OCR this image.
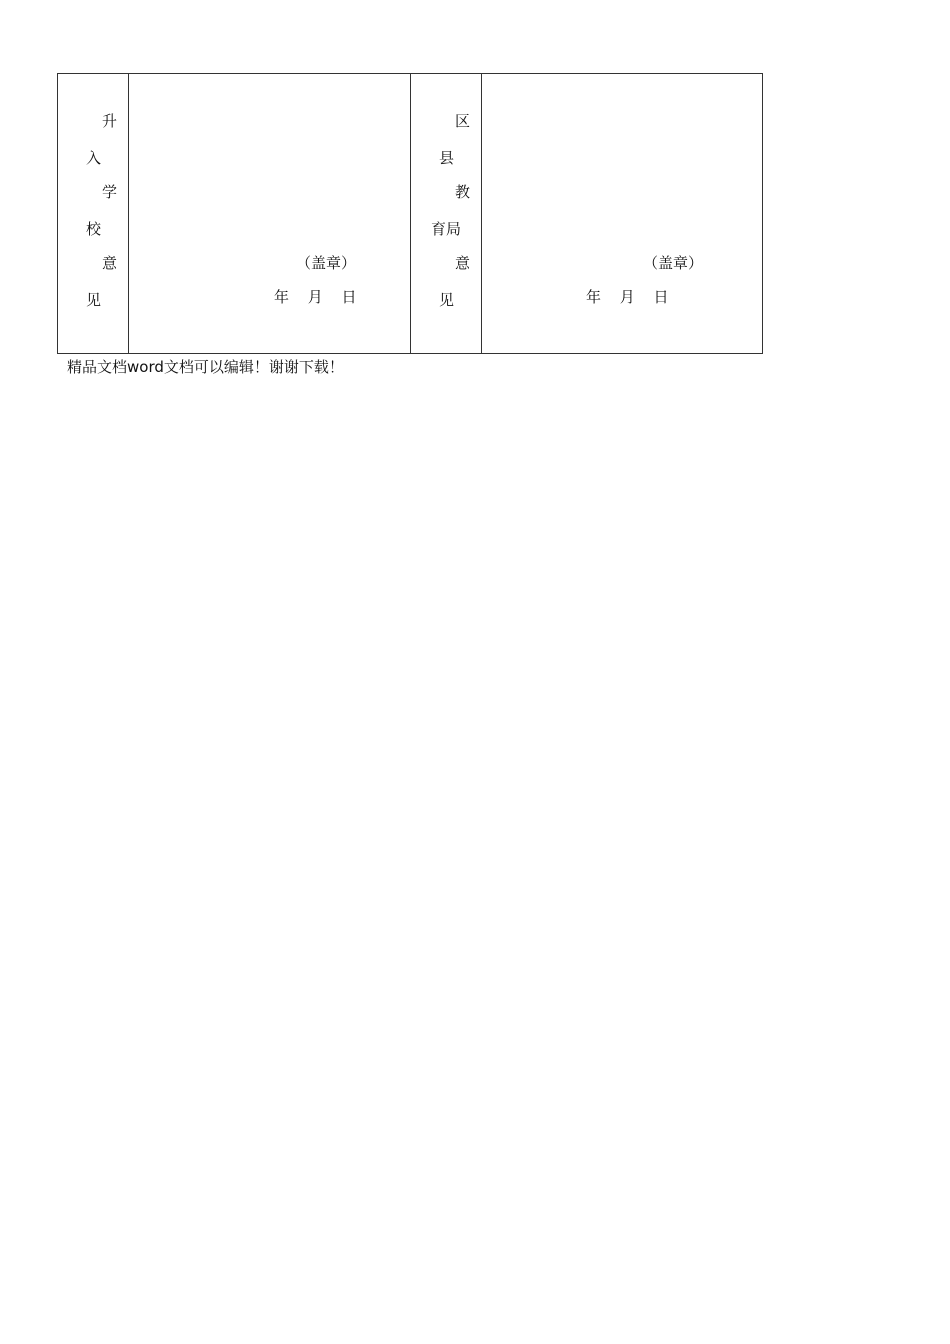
升
入
学
校
意
见
（盖章）
年 月 日
区
县
教
育局
意
见
（盖章）
年 月 日
精品文档word文档可以编辑！谢谢下载！
